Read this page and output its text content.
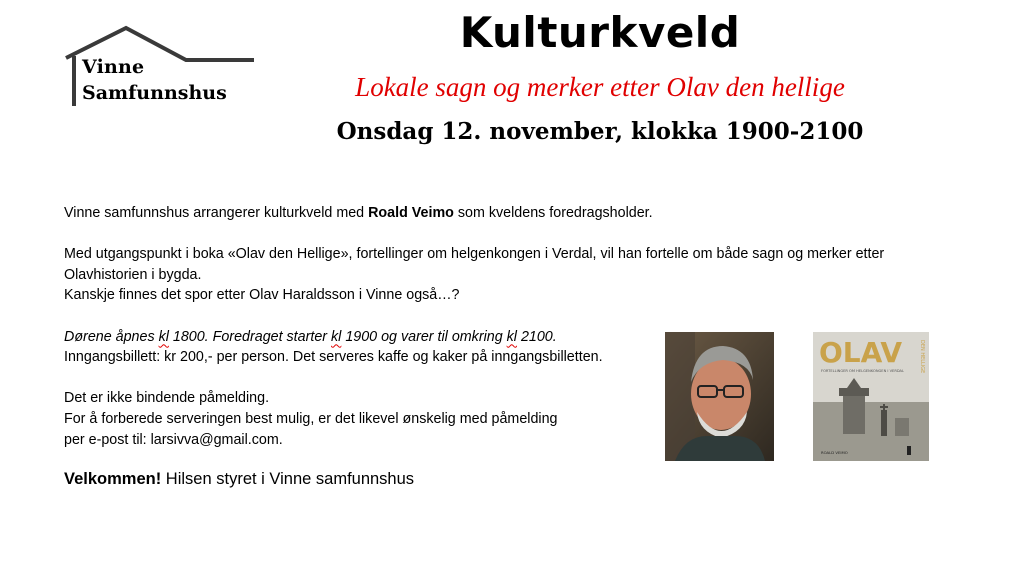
Vinne
Samfunnshus
Kulturkveld
Lokale sagn og merker etter Olav den hellige
Onsdag 12. november, klokka 1900-2100

Vinne samfunnshus arrangerer kulturkveld med Roald Veimo som kveldens foredragsholder.

Med utgangspunkt i boka «Olav den Hellige», fortellinger om helgenkongen i Verdal, vil han fortelle om både sagn og merker etter

Olavhistorien i bygda.

Kanskje finnes det spor etter Olav Haraldsson i Vinne også…?

Dørene åpnes kl 1800. Foredraget starter kl 1900 og varer til omkring kl 2100.

Inngangsbillett: kr 200,- per person. Det serveres kaffe og kaker på inngangsbilletten.

Det er ikke bindende påmelding.

For å forberede serveringen best mulig, er det likevel ønskelig med påmelding

per e-post til: larsivva@gmail.com.

Velkommen! Hilsen styret i Vinne samfunnshus
OLAV	DEN HELLIGE
FORTELLINGER OM HELGENKONGEN I VERDAL
ROALD VEIMO
